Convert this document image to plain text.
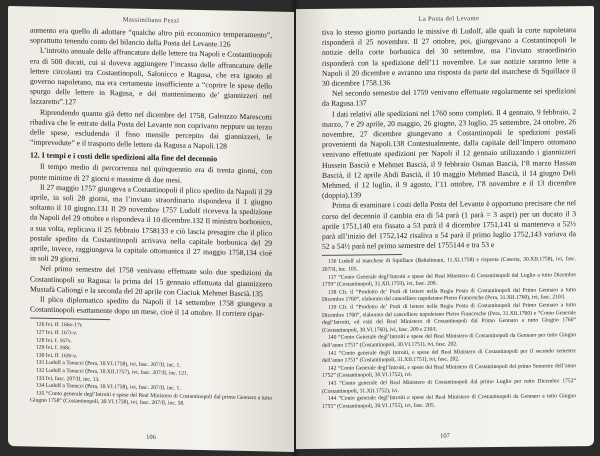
Massimiliano Pezzi

aumento era quello di adottare “qualche altro più economico temperamento”, soprattutto tenendo conto del bilancio della Posta del Levante.126

L’introito annuale delle affrancature delle lettere tra Napoli e Costantinopoli era di 500 ducati, cui si doveva aggiungere l’incasso delle affrancature delle lettere circolanti tra Costantinopoli, Salonicco e Ragusa, che era ignoto al governo napoletano, ma era certamente insufficiente a “coprire le spese dello spurgo delle lettere in Ragusa, e del mantenimento de’ giannizzeri nel lazzaretto”.127

Riprendendo quanto già detto nel dicembre del 1758, Galeazzo Marescotti ribadiva che le entrate della Posta del Levante non coprivano neppure un terzo delle spese, escludendo il fisso mensile percepito dai giannizzeri, le “imprevedute” e il trasporto delle lettere da Ragusa a Napoli.128

12. I tempi e i costi delle spedizioni alla fine del decennio

Il tempo medio di percorrenza nel quinquennio era di trenta giorni, con punte minime di 27 giorni e massime di due mesi.

Il 27 maggio 1757 giungeva a Costantinopoli il plico spedito da Napoli il 29 aprile, in soli 28 giorni, ma l’inviato straordinario rispondeva il 1 giugno soltanto il 10 giugno.131 Il 29 novembre 1757 Ludolf riceveva la spedizione da Napoli del 29 ottobre e rispondeva il 10 dicembre.132 Il ministro borbonico, a sua volta, replicava il 25 febbraio 1758133 e ciò lascia presagire che il plico postale spedito da Costantinopoli arrivava nella capitale borbonica del 29 aprile, invece, raggiungeva la capitale ottomanica il 27 maggio 1758,134 cioè in soli 29 giorni.

Nel primo semestre del 1758 venivano effettuate solo due spedizioni da Costantinopoli su Ragusa: la prima del 15 gennaio effettuata dal giannizzero Mustafà Caliongi e la seconda del 20 aprile con Ciaciuk Mehmet Bascià.135

Il plico diplomatico spedito da Napoli il 14 settembre 1758 giungeva a Costantinopoli esattamente dopo un mese, cioè il 14 ottobre. Il corriere ripar-

126 Ivi, ff. 166v-17r.

127 Ivi, ff. 167r-v.

128 Ivi, f. 167v.

129 Ivi, f. 168r.

130 Ivi, ff. 169r-v.

131 Ludolf a Tanucci (Pera, 10.VI.1758), ivi, fasc. 207/II, inc. 1.

132 Ludolf a Tanucci (Pera, 10.XII.1757), ivi, fasc. 207/II, inc. 121.

133 Ivi, fasc. 207/II, inc. 13.

134 Ludolf a Tanucci (Pera, 10.VI.1758), ivi, fasc. 207/II, inc. 1.

135 “Conto generale degl’Introiti e spese del Real Ministero di Costantinopoli dal primo Gennaro a tutto Giugno 1758” (Costantinopoli, 30.VI.1758), ivi, fasc. 207/II, inc. 58.

106
La Posta del Levante

tiva lo stesso giorno portando le missive di Ludolf, alle quali la corte napoletana risponderà il 25 novembre. Il 27 ottobre, poi, giungevano a Costantinopoli le notizie della corte borbonica del 30 settembre, ma l’inviato straordinario risponderà con la spedizione dell’11 novembre. Le sue notizie saranno lette a Napoli il 20 dicembre e avranno una risposta da parte del marchese di Squillace il 30 dicembre 1758.136

Nel secondo semestre del 1759 venivano effettuate regolarmente sei spedizioni da Ragusa.137

I dati relativi alle spedizioni nel 1760 sono completi. Il 4 gennaio, 9 febbraio, 2 marzo, 7 e 29 aprile, 20 maggio, 26 giugno, 23 luglio, 25 settembre, 24 ottobre, 26 novembre, 27 dicembre giungevano a Costantinopoli le spedizioni postali provenienti da Napoli.138 Contestualmente, dalla capitale dell’Impero ottomano venivano effettuate spedizioni per Napoli il 12 gennaio utilizzando i giannizzeri Hussein Bascià e Mehmet Bascià, il 9 febbraio Osman Bascià, l’8 marzo Hassan Bascià, il 12 aprile Abdi Bascià, il 10 maggio Mehmed Bascià, il 14 giugno Deli Mehmed, il 12 luglio, il 9 agosto, l’11 ottobre, l’8 novembre e il 13 dicembre (doppia).139

Prima di esaminare i costi della Posta del Levante è opportuno precisare che nel corso del decennio il cambio era di 54 parà (1 parà = 3 aspri) per un ducato il 3 aprile 1751,140 era fissato a 53 parà il 4 dicembre 1751,141 si manteneva a 52½ parà all’inizio del 1752,142 risaliva a 54 parà il primo luglio 1752,143 variava da 52 a 54½ parà nel primo semestre del 1755144 e tra 53 e

136 Ludolf al marchese di Squillace (Baltalimani, 11.XI.1758) e risposta (Caserta, 30.XII.1758), ivi, fasc. 207/II, inc. 105.

137 “Conto Generale degl’Introiti e spese del Real Ministero di Costantinopoli dal Luglio a tutto Dicembre 1759” (Costantinopoli, 31.XII.1759), ivi, fasc. 209.

138 Cfr. il “Prodotto de’ Porti di lettere nella Regia Posta di Costantinopoli dal Primo Gennaro a tutto Dicembre 1760”, elaborato dal cancelliere napoletano Pietro Francesche (Pera, 31.XII.1760), ivi, fasc. 210/I.

139 Cfr. il “Prodotto de’ Porti di lettere nella Regia Posta di Costantinopoli dal Primo Gennaro a tutto Dicembre 1760”, elaborato dal cancelliere napoletano Pietro Francesche (Pera, 31.XII.1760) e “Conto Generale degl’Introiti, ed esiti del Real Ministero di Costantinopoli dal Primo Gennaro a tutto Giugno 1760” (Costantinopoli, 30.VI.1760), ivi, fasc. 209 e 210/I.

140 “Conto Generale degl’Introiti e spese del Real Ministero di Costantinopoli da Gennaro per tutto Giugno dell’anno 1751” (Costantinopoli, 30.VI.1751), ivi, fasc. 202.

141 “Conto generale degli Introiti, e spese del Real Ministero di Costantinopoli per il secondo semestre dell’anno 1751” (Costantinopoli, 31.XII.1751), ivi, fasc. 202.

142 “Conto Generale degl’Introiti, e spese del Real Ministero di Costantinopoli del primo Semestre dell’anno 1752” (Costantinopoli, 30.VI.1752), ivi.

143 “Conto generale del Real Ministero di Costantinopoli dal primo Luglio per tutto Dicembre 1752” (Costantinopoli, 31.XII.1752), ivi.

144 “Conto generale degl’Introiti e spese del Real Ministero di Costantinopoli da Gennaro a tutto Giugno 1755” (Costantinopoli, 30.VI.1755), ivi, fasc. 205.

107
